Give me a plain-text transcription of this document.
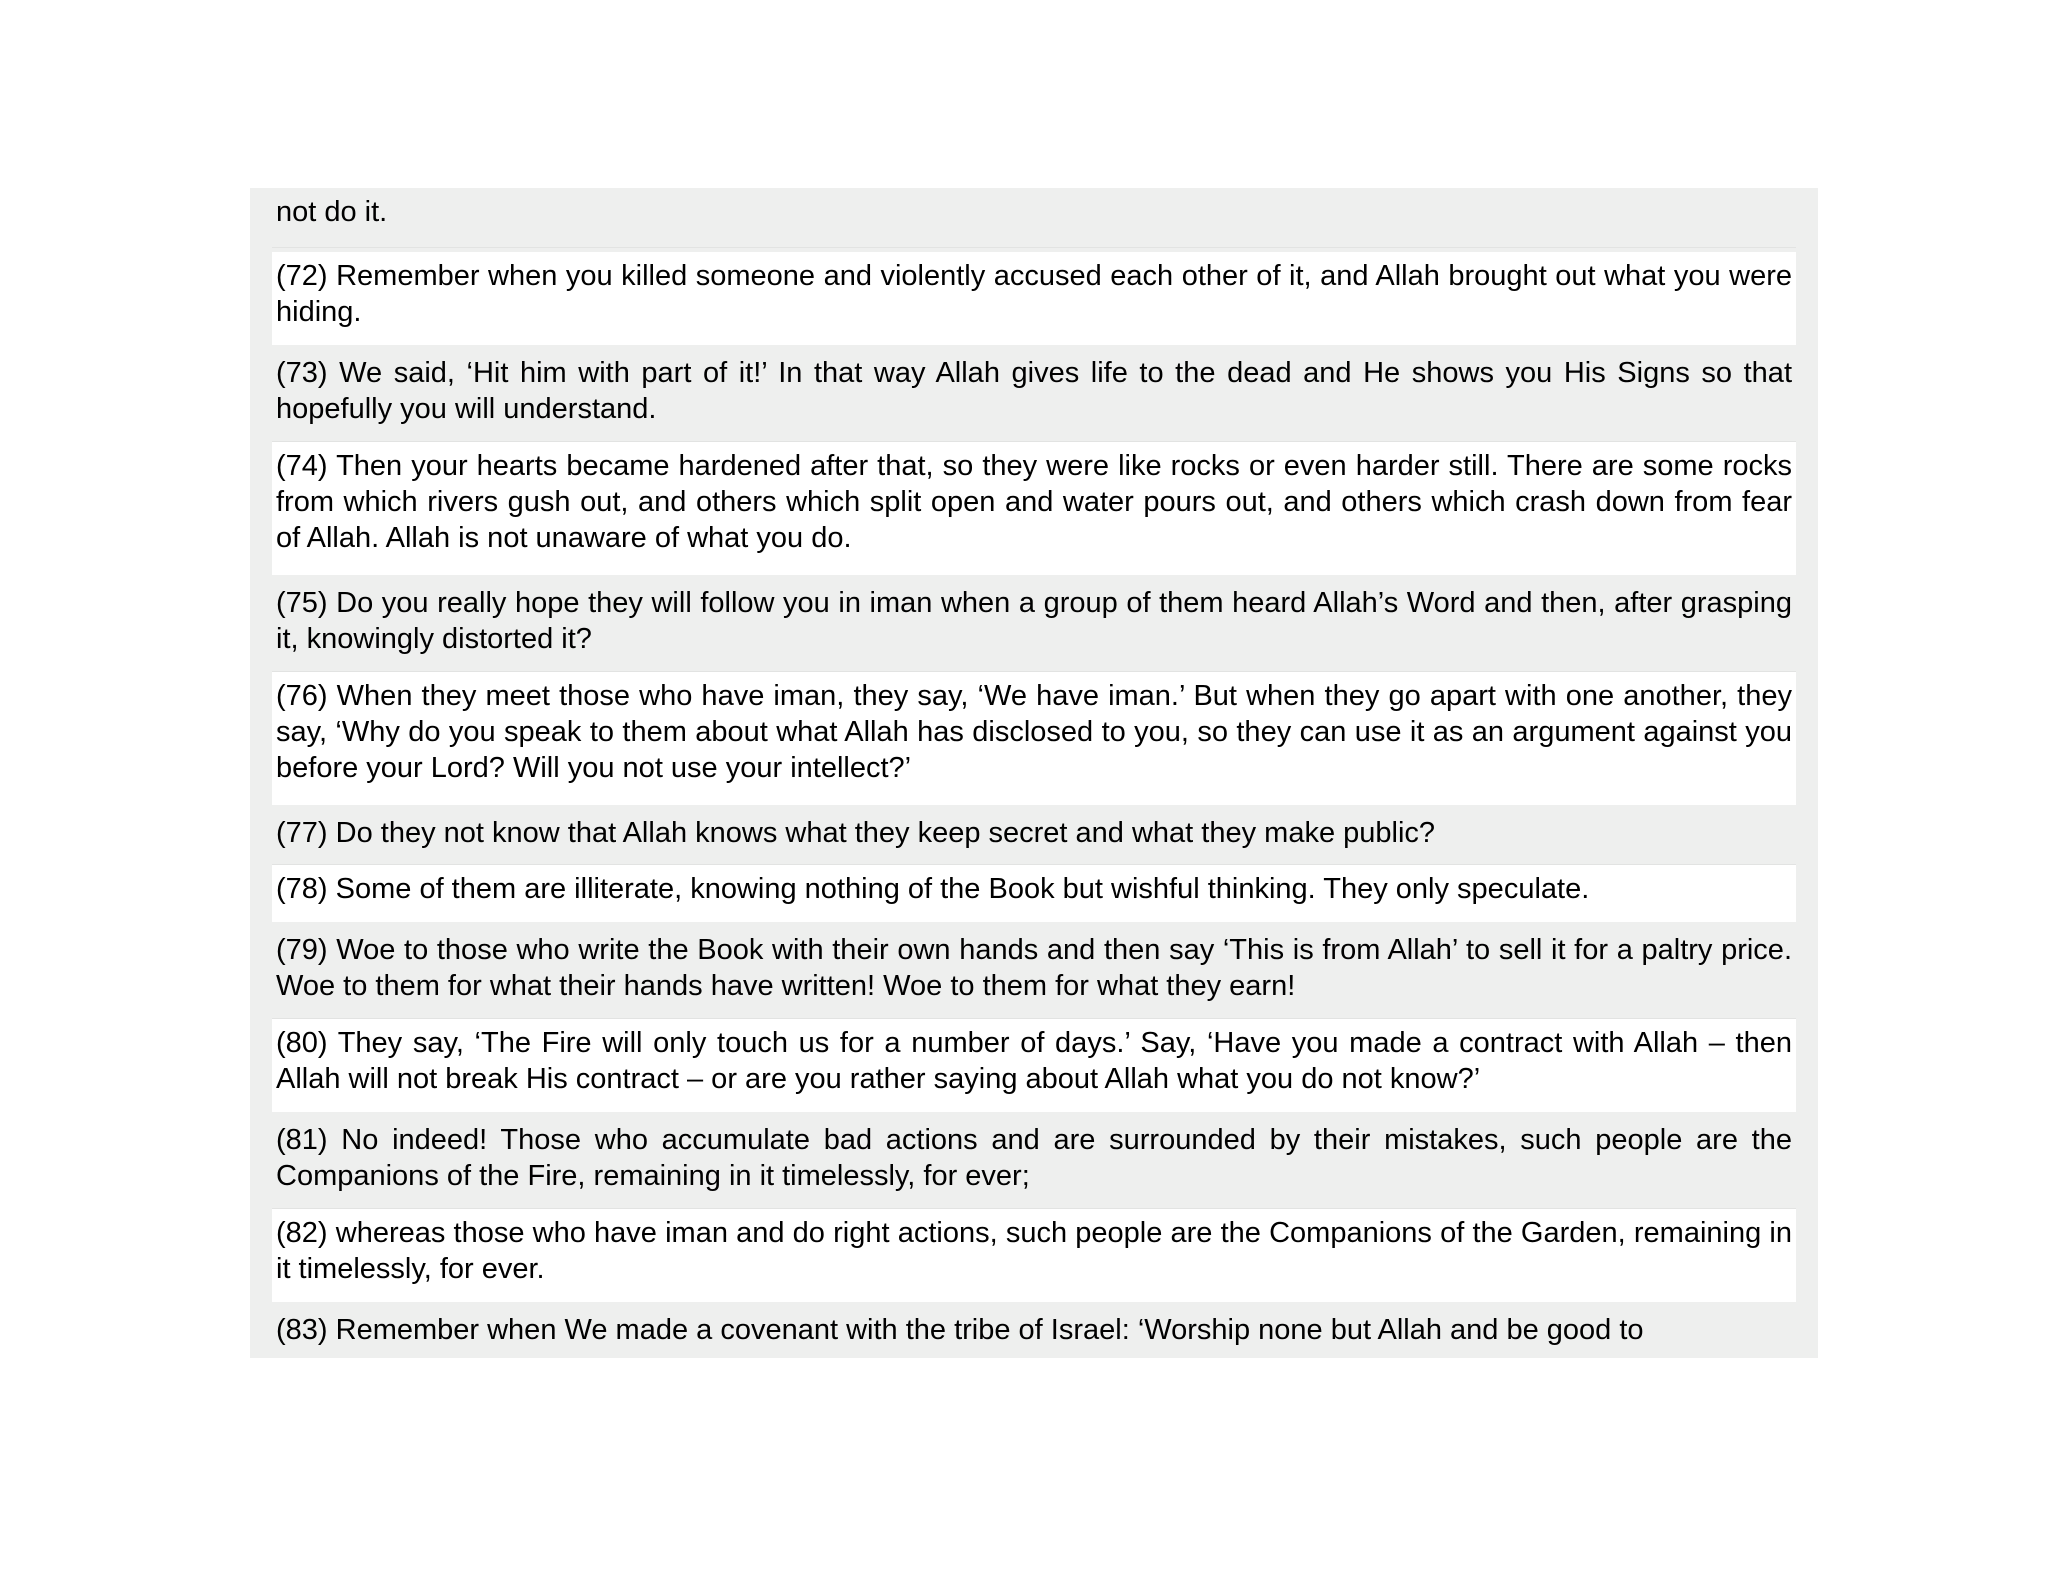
not do it.
(72) Remember when you killed someone and violently accused each other of it, and Allah brought out what you were hiding.
(73) We said, ‘Hit him with part of it!’ In that way Allah gives life to the dead and He shows you His Signs so that hopefully you will understand.
(74) Then your hearts became hardened after that, so they were like rocks or even harder still. There are some rocks from which rivers gush out, and others which split open and water pours out, and others which crash down from fear of Allah. Allah is not unaware of what you do.
(75) Do you really hope they will follow you in iman when a group of them heard Allah’s Word and then, after grasping it, knowingly distorted it?
(76) When they meet those who have iman, they say, ‘We have iman.’ But when they go apart with one another, they say, ‘Why do you speak to them about what Allah has disclosed to you, so they can use it as an argument against you before your Lord? Will you not use your intellect?’
(77) Do they not know that Allah knows what they keep secret and what they make public?
(78) Some of them are illiterate, knowing nothing of the Book but wishful thinking. They only speculate.
(79) Woe to those who write the Book with their own hands and then say ‘This is from Allah’ to sell it for a paltry price. Woe to them for what their hands have written! Woe to them for what they earn!
(80) They say, ‘The Fire will only touch us for a number of days.’ Say, ‘Have you made a contract with Allah – then Allah will not break His contract – or are you rather saying about Allah what you do not know?’
(81) No indeed! Those who accumulate bad actions and are surrounded by their mistakes, such people are the Companions of the Fire, remaining in it timelessly, for ever;
(82) whereas those who have iman and do right actions, such people are the Companions of the Garden, remaining in it timelessly, for ever.
(83) Remember when We made a covenant with the tribe of Israel: ‘Worship none but Allah and be good to
